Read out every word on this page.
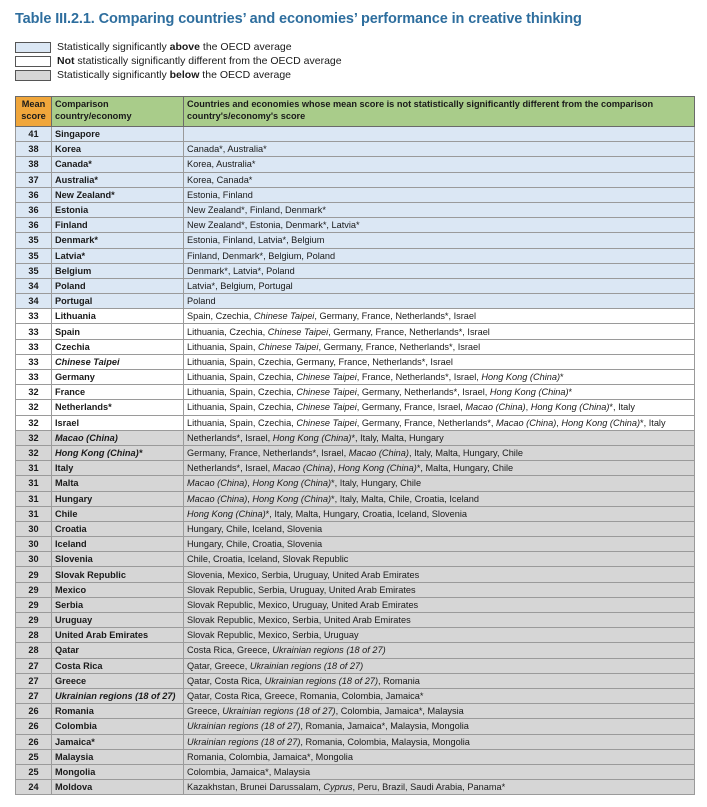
Table III.2.1. Comparing countries’ and economies’ performance in creative thinking
Statistically significantly above the OECD average
Not statistically significantly different from the OECD average
Statistically significantly below the OECD average
Mean score	Comparison country/economy	Countries and economies whose mean score is not statistically significantly different from the comparison country's/economy's score
41	Singapore	
38	Korea	Canada*, Australia*
38	Canada*	Korea, Australia*
37	Australia*	Korea, Canada*
36	New Zealand*	Estonia, Finland
36	Estonia	New Zealand*, Finland, Denmark*
36	Finland	New Zealand*, Estonia, Denmark*, Latvia*
35	Denmark*	Estonia, Finland, Latvia*, Belgium
35	Latvia*	Finland, Denmark*, Belgium, Poland
35	Belgium	Denmark*, Latvia*, Poland
34	Poland	Latvia*, Belgium, Portugal
34	Portugal	Poland
33	Lithuania	Spain, Czechia, Chinese Taipei, Germany, France, Netherlands*, Israel
33	Spain	Lithuania, Czechia, Chinese Taipei, Germany, France, Netherlands*, Israel
33	Czechia	Lithuania, Spain, Chinese Taipei, Germany, France, Netherlands*, Israel
33	Chinese Taipei	Lithuania, Spain, Czechia, Germany, France, Netherlands*, Israel
33	Germany	Lithuania, Spain, Czechia, Chinese Taipei, France, Netherlands*, Israel, Hong Kong (China)*
32	France	Lithuania, Spain, Czechia, Chinese Taipei, Germany, Netherlands*, Israel, Hong Kong (China)*
32	Netherlands*	Lithuania, Spain, Czechia, Chinese Taipei, Germany, France, Israel, Macao (China), Hong Kong (China)*, Italy
32	Israel	Lithuania, Spain, Czechia, Chinese Taipei, Germany, France, Netherlands*, Macao (China), Hong Kong (China)*, Italy
32	Macao (China)	Netherlands*, Israel, Hong Kong (China)*, Italy, Malta, Hungary
32	Hong Kong (China)*	Germany, France, Netherlands*, Israel, Macao (China), Italy, Malta, Hungary, Chile
31	Italy	Netherlands*, Israel, Macao (China), Hong Kong (China)*, Malta, Hungary, Chile
31	Malta	Macao (China), Hong Kong (China)*, Italy, Hungary, Chile
31	Hungary	Macao (China), Hong Kong (China)*, Italy, Malta, Chile, Croatia, Iceland
31	Chile	Hong Kong (China)*, Italy, Malta, Hungary, Croatia, Iceland, Slovenia
30	Croatia	Hungary, Chile, Iceland, Slovenia
30	Iceland	Hungary, Chile, Croatia, Slovenia
30	Slovenia	Chile, Croatia, Iceland, Slovak Republic
29	Slovak Republic	Slovenia, Mexico, Serbia, Uruguay, United Arab Emirates
29	Mexico	Slovak Republic, Serbia, Uruguay, United Arab Emirates
29	Serbia	Slovak Republic, Mexico, Uruguay, United Arab Emirates
29	Uruguay	Slovak Republic, Mexico, Serbia, United Arab Emirates
28	United Arab Emirates	Slovak Republic, Mexico, Serbia, Uruguay
28	Qatar	Costa Rica, Greece, Ukrainian regions (18 of 27)
27	Costa Rica	Qatar, Greece, Ukrainian regions (18 of 27)
27	Greece	Qatar, Costa Rica, Ukrainian regions (18 of 27), Romania
27	Ukrainian regions (18 of 27)	Qatar, Costa Rica, Greece, Romania, Colombia, Jamaica*
26	Romania	Greece, Ukrainian regions (18 of 27), Colombia, Jamaica*, Malaysia
26	Colombia	Ukrainian regions (18 of 27), Romania, Jamaica*, Malaysia, Mongolia
26	Jamaica*	Ukrainian regions (18 of 27), Romania, Colombia, Malaysia, Mongolia
25	Malaysia	Romania, Colombia, Jamaica*, Mongolia
25	Mongolia	Colombia, Jamaica*, Malaysia
24	Moldova	Kazakhstan, Brunei Darussalam, Cyprus, Peru, Brazil, Saudi Arabia, Panama*
